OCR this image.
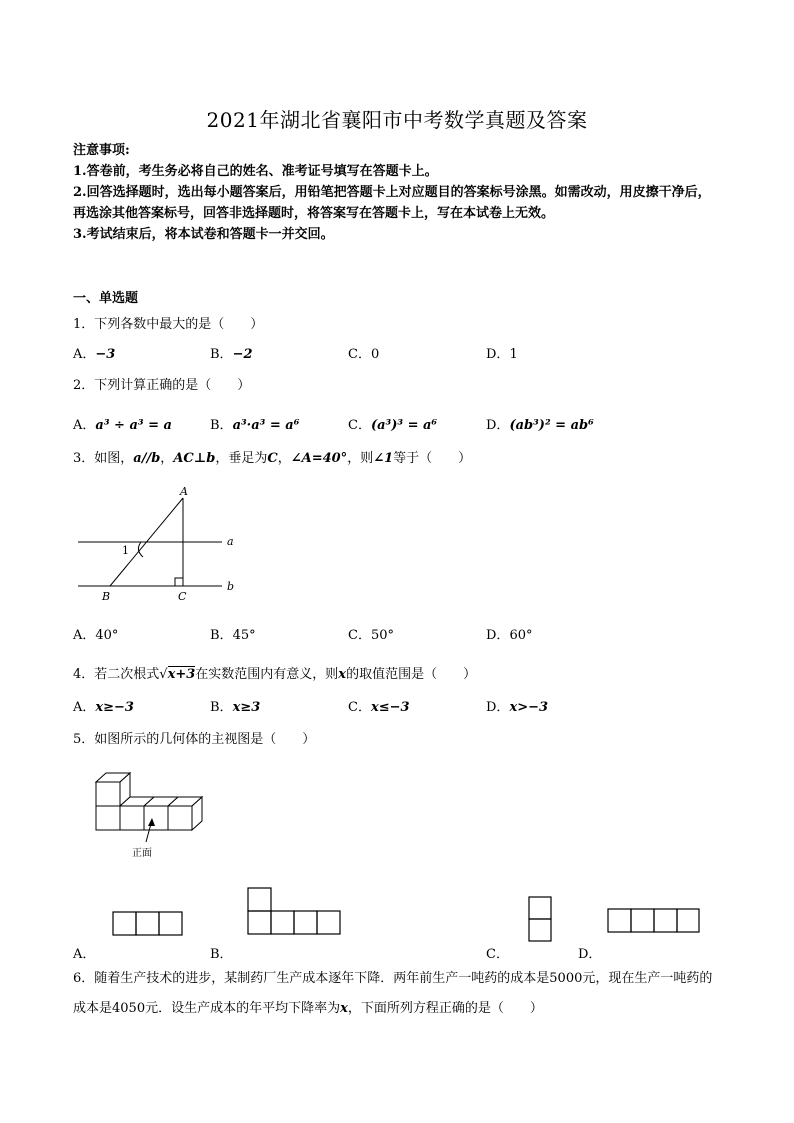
2021年湖北省襄阳市中考数学真题及答案
注意事项:
1.答卷前，考生务必将自己的姓名、准考证号填写在答题卡上。
2.回答选择题时，选出每小题答案后，用铅笔把答题卡上对应题目的答案标号涂黑。如需改动，用皮擦干净后，再选涂其他答案标号，回答非选择题时，将答案写在答题卡上，写在本试卷上无效。
3.考试结束后，将本试卷和答题卡一并交回。
一、单选题
1．下列各数中最大的是（　　）
A．−3	B．−2	C．0	D．1
2．下列计算正确的是（　　）
A．a³ ÷ a³ = a	B．a³·a³ = a⁶	C．(a³)³ = a⁶	D．(ab³)² = ab⁶
3．如图，a//b，AC⊥b，垂足为C，∠A=40°，则∠1等于（　　）
A
B	C
a
b
1
正面
A．40°	B．45°	C．50°	D．60°
4．若二次根式√x+3在实数范围内有意义，则x的取值范围是（　　）
A．x≥−3	B．x≥3	C．x≤−3	D．x>−3
5．如图所示的几何体的主视图是（　　）
A．	B．	C．	D．
6．随着生产技术的进步，某制药厂生产成本逐年下降．两年前生产一吨药的成本是5000元，现在生产一吨药的成本是4050元．设生产成本的年平均下降率为x，下面所列方程正确的是（　　）
